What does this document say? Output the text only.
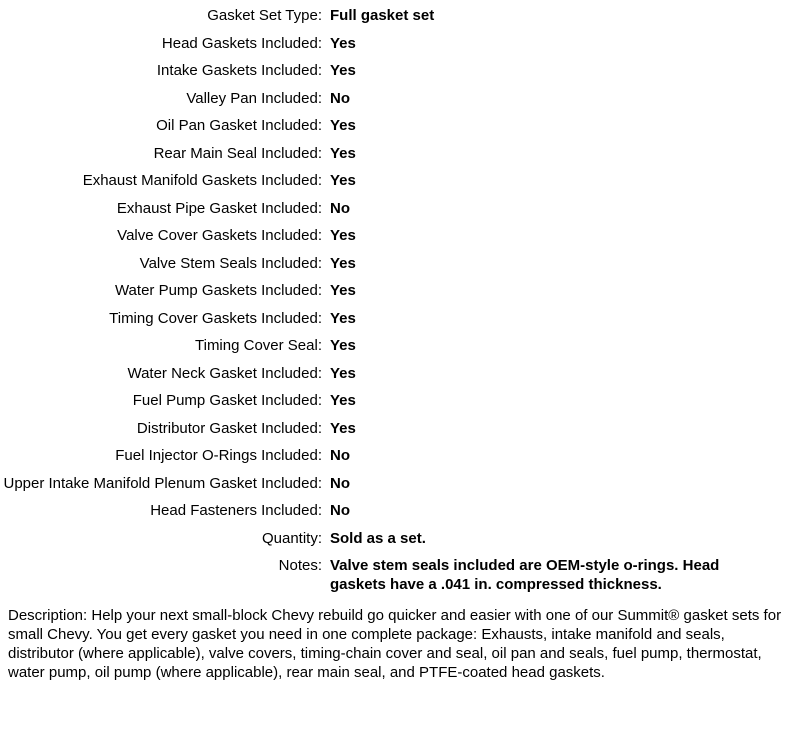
Gasket Set Type:	Full gasket set
Head Gaskets Included:	Yes
Intake Gaskets Included:	Yes
Valley Pan Included:	No
Oil Pan Gasket Included:	Yes
Rear Main Seal Included:	Yes
Exhaust Manifold Gaskets Included:	Yes
Exhaust Pipe Gasket Included:	No
Valve Cover Gaskets Included:	Yes
Valve Stem Seals Included:	Yes
Water Pump Gaskets Included:	Yes
Timing Cover Gaskets Included:	Yes
Timing Cover Seal:	Yes
Water Neck Gasket Included:	Yes
Fuel Pump Gasket Included:	Yes
Distributor Gasket Included:	Yes
Fuel Injector O-Rings Included:	No
Upper Intake Manifold Plenum Gasket Included:	No
Head Fasteners Included:	No
Quantity:	Sold as a set.
Notes:	Valve stem seals included are OEM-style o-rings. Head gaskets have a .041 in. compressed thickness.

Description: Help your next small-block Chevy rebuild go quicker and easier with one of our Summit® gasket sets for small Chevy. You get every gasket you need in one complete package: Exhausts, intake manifold and seals, distributor (where applicable), valve covers, timing-chain cover and seal, oil pan and seals, fuel pump, thermostat, water pump, oil pump (where applicable), rear main seal, and PTFE-coated head gaskets.
